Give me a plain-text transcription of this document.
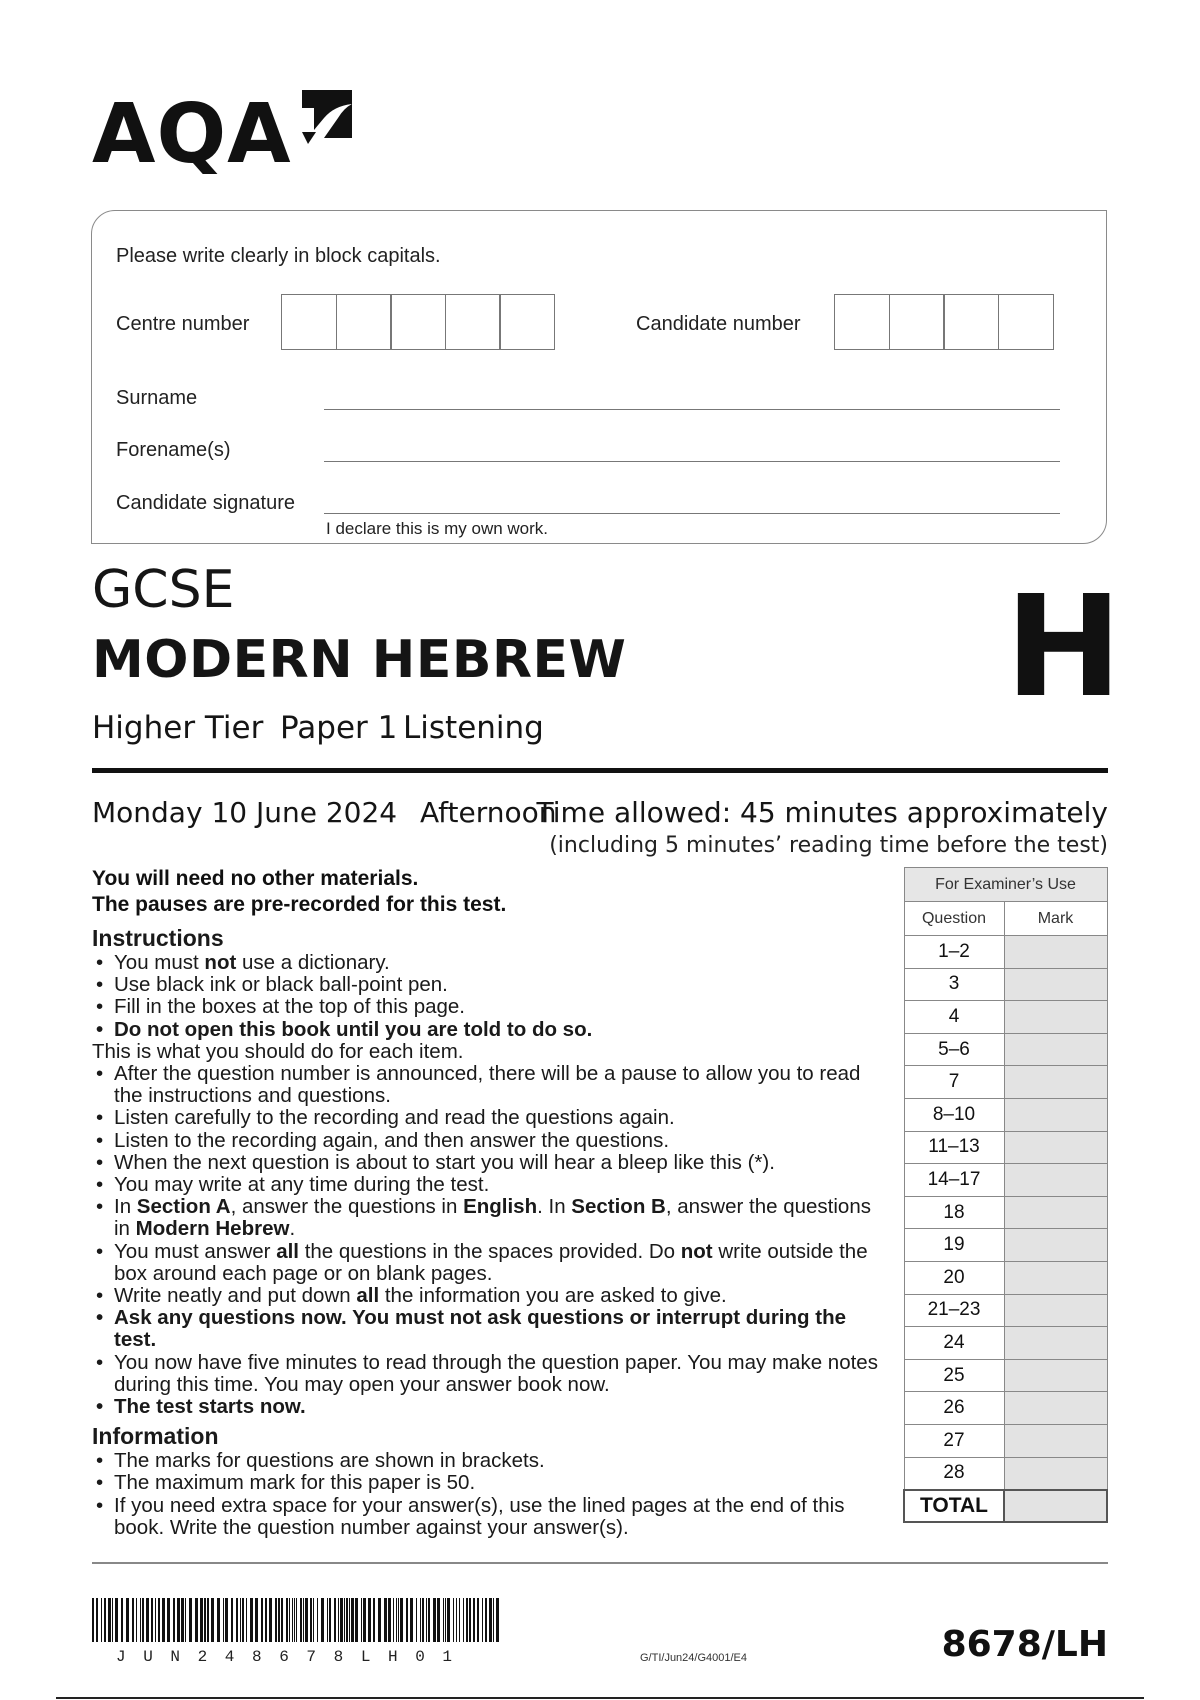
AQA
Please write clearly in block capitals.
Centre number	Candidate number
Surname
Forename(s)
Candidate signature
I declare this is my own work.
GCSE
MODERN HEBREW
Higher Tier Paper 1 Listening	H
Monday 10 June 2024 Afternoon
Time allowed: 45 minutes approximately
(including 5 minutes’ reading time before the test)
You will need no other materials.
The pauses are pre-recorded for this test.
Instructions
• You must not use a dictionary.
• Use black ink or black ball-point pen.
• Fill in the boxes at the top of this page.
• Do not open this book until you are told to do so.

This is what you should do for each item.

• After the question number is announced, there will be a pause to allow you to read the instructions and questions.
• Listen carefully to the recording and read the questions again.
• Listen to the recording again, and then answer the questions.
• When the next question is about to start you will hear a bleep like this (*).
• You may write at any time during the test.
• In Section A, answer the questions in English. In Section B, answer the questions in Modern Hebrew.
• You must answer all the questions in the spaces provided. Do not write outside the box around each page or on blank pages.
• Write neatly and put down all the information you are asked to give.
• Ask any questions now. You must not ask questions or interrupt during the test.
• You now have five minutes to read through the question paper. You may make notes during this time. You may open your answer book now.
• The test starts now.
Information
• The marks for questions are shown in brackets.
• The maximum mark for this paper is 50.
• If you need extra space for your answer(s), use the lined pages at the end of this book. Write the question number against your answer(s).
For Examiner’s Use	
Question	Mark
1–2	
3	
4	
5–6	
7	
8–10	
11–13	
14–17	
18	
19	
20	
21–23	
24	
25	
26	
27	
28	
TOTAL	
JUN248678LH01	G/TI/Jun24/G4001/E4	8678/LH
